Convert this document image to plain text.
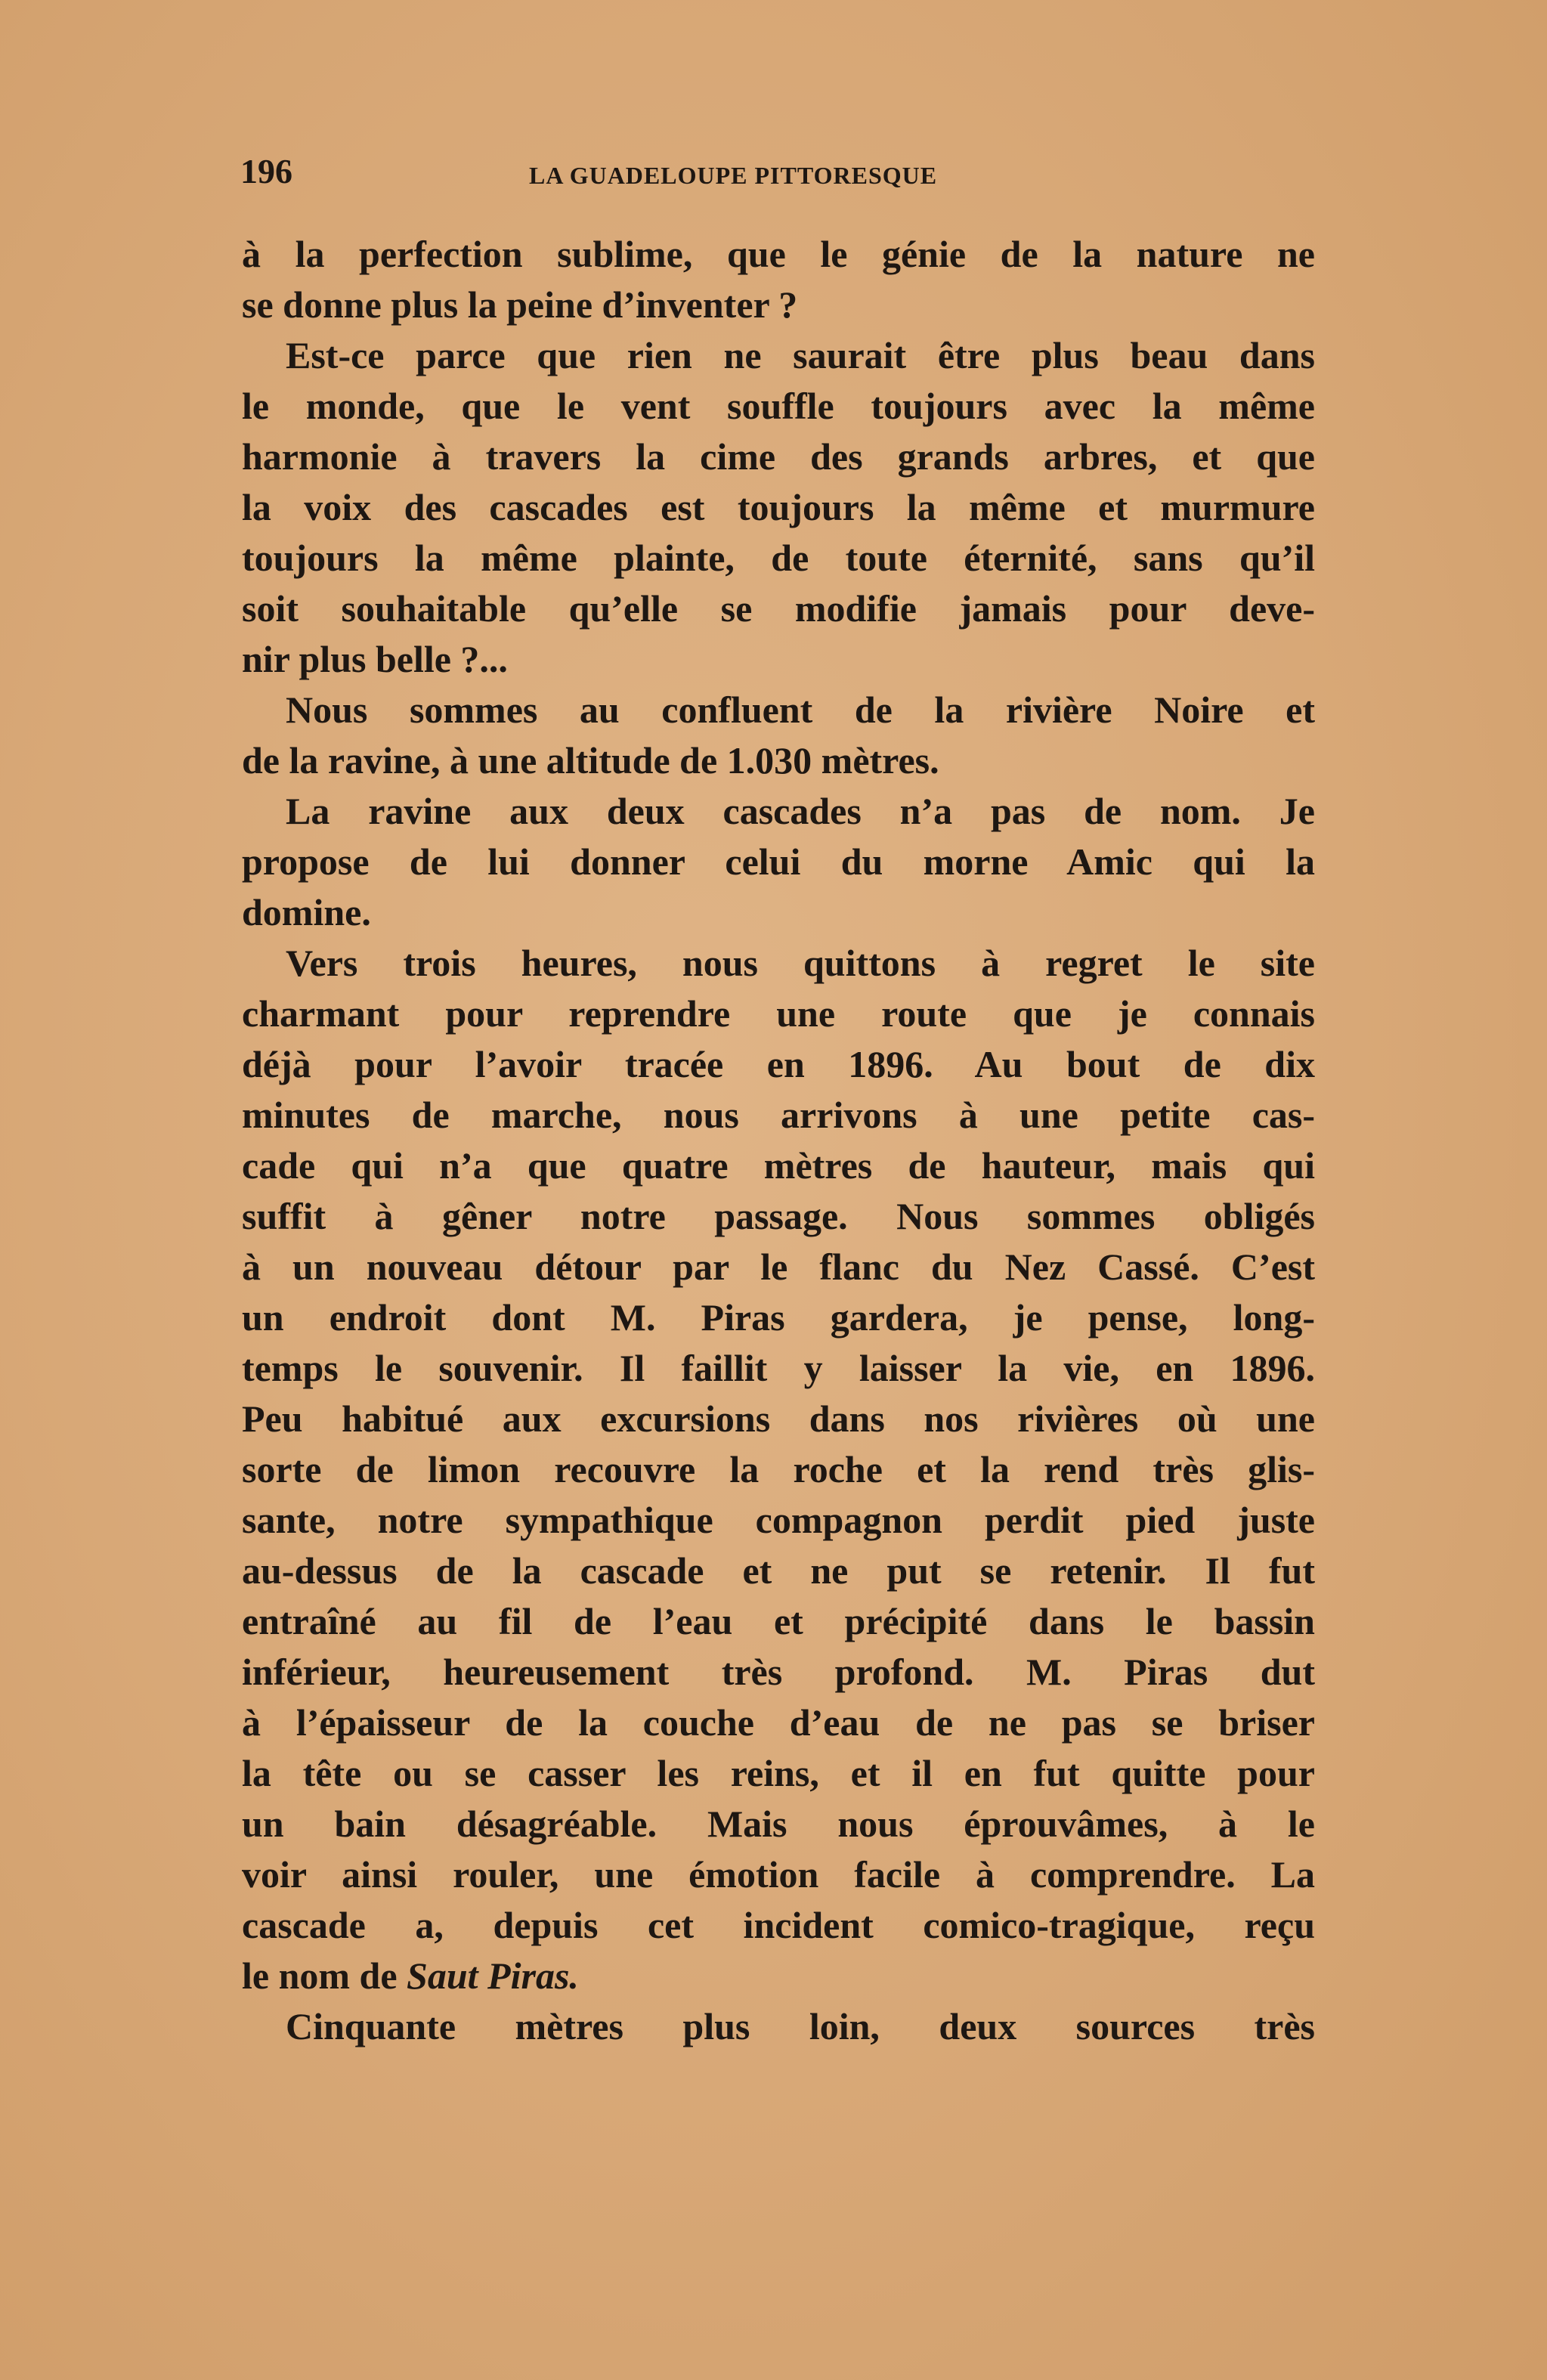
196	LA GUADELOUPE PITTORESQUE
à la perfection sublime, que le génie de la nature ne
se donne plus la peine d’inventer ?
Est-ce parce que rien ne saurait être plus beau dans
le monde, que le vent souffle toujours avec la même
harmonie à travers la cime des grands arbres, et que
la voix des cascades est toujours la même et murmure
toujours la même plainte, de toute éternité, sans qu’il
soit souhaitable qu’elle se modifie jamais pour deve-
nir plus belle ?...
Nous sommes au confluent de la rivière Noire et
de la ravine, à une altitude de 1.030 mètres.
La ravine aux deux cascades n’a pas de nom. Je
propose de lui donner celui du morne Amic qui la
domine.
Vers trois heures, nous quittons à regret le site
charmant pour reprendre une route que je connais
déjà pour l’avoir tracée en 1896. Au bout de dix
minutes de marche, nous arrivons à une petite cas-
cade qui n’a que quatre mètres de hauteur, mais qui
suffit à gêner notre passage. Nous sommes obligés
à un nouveau détour par le flanc du Nez Cassé. C’est
un endroit dont M. Piras gardera, je pense, long-
temps le souvenir. Il faillit y laisser la vie, en 1896.
Peu habitué aux excursions dans nos rivières où une
sorte de limon recouvre la roche et la rend très glis-
sante, notre sympathique compagnon perdit pied juste
au-dessus de la cascade et ne put se retenir. Il fut
entraîné au fil de l’eau et précipité dans le bassin
inférieur, heureusement très profond. M. Piras dut
à l’épaisseur de la couche d’eau de ne pas se briser
la tête ou se casser les reins, et il en fut quitte pour
un bain désagréable. Mais nous éprouvâmes, à le
voir ainsi rouler, une émotion facile à comprendre. La
cascade a, depuis cet incident comico-tragique, reçu
le nom de Saut Piras.
Cinquante mètres plus loin, deux sources très
